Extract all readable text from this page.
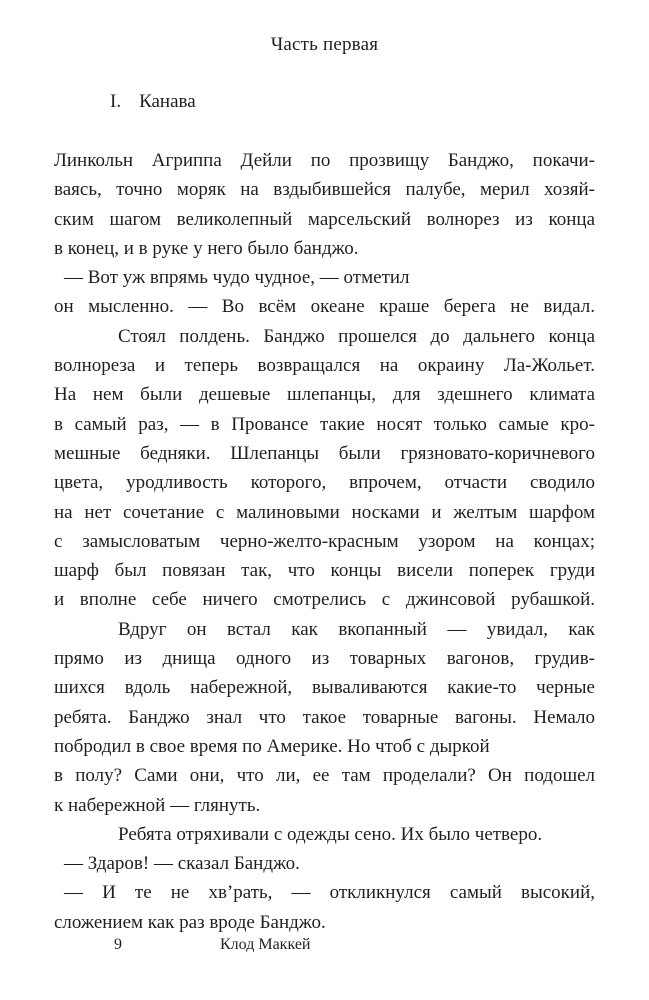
Часть первая
I. Канава
Линкольн Агриппа Дейли по прозвищу Банджо, покачи-
ваясь, точно моряк на вздыбившейся палубе, мерил хозяй-
ским шагом великолепный марсельский волнорез из конца
в конец, и в руке у него было банджо.
— Вот уж впрямь чудо чудное, — отметил
он мысленно. — Во всём океане краше берега не видал.
Стоял полдень. Банджо прошелся до дальнего конца
волнореза и теперь возвращался на окраину Ла-Жольет.
На нем были дешевые шлепанцы, для здешнего климата
в самый раз, — в Провансе такие носят только самые кро-
мешные бедняки. Шлепанцы были грязновато-коричневого
цвета, уродливость которого, впрочем, отчасти сводило
на нет сочетание с малиновыми носками и желтым шарфом
с замысловатым черно-желто-красным узором на концах;
шарф был повязан так, что концы висели поперек груди
и вполне себе ничего смотрелись с джинсовой рубашкой.
Вдруг он встал как вкопанный — увидал, как
прямо из днища одного из товарных вагонов, грудив-
шихся вдоль набережной, вываливаются какие-то черные
ребята. Банджо знал что такое товарные вагоны. Немало
побродил в свое время по Америке. Но чтоб с дыркой
в полу? Сами они, что ли, ее там проделали? Он подошел
к набережной — глянуть.
Ребята отряхивали с одежды сено. Их было четверо.
— Здаров! — сказал Банджо.
— И те не хв’рать, — откликнулся самый высокий,
сложением как раз вроде Банджо.
9	Клод Маккей
